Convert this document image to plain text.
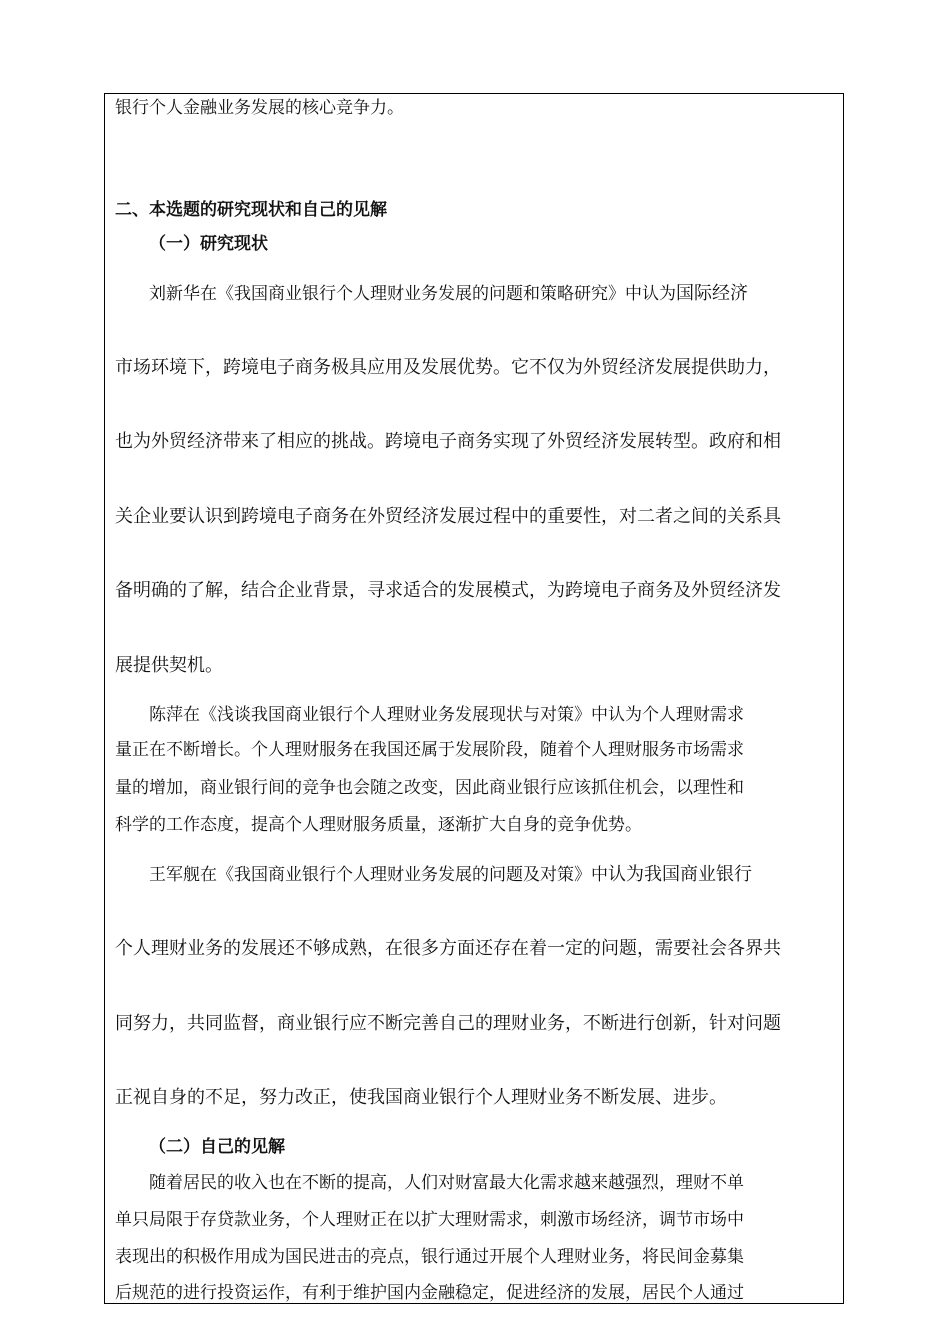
银行个人金融业务发展的核心竞争力。
二、本选题的研究现状和自己的见解
（一）研究现状
刘新华在《我国商业银行个人理财业务发展的问题和策略研究》中认为国际经济
市场环境下，跨境电子商务极具应用及发展优势。它不仅为外贸经济发展提供助力，
也为外贸经济带来了相应的挑战。跨境电子商务实现了外贸经济发展转型。政府和相
关企业要认识到跨境电子商务在外贸经济发展过程中的重要性，对二者之间的关系具
备明确的了解，结合企业背景，寻求适合的发展模式，为跨境电子商务及外贸经济发
展提供契机。
陈萍在《浅谈我国商业银行个人理财业务发展现状与对策》中认为个人理财需求
量正在不断增长。个人理财服务在我国还属于发展阶段，随着个人理财服务市场需求
量的增加，商业银行间的竞争也会随之改变，因此商业银行应该抓住机会，以理性和
科学的工作态度，提高个人理财服务质量，逐渐扩大自身的竞争优势。
王军舰在《我国商业银行个人理财业务发展的问题及对策》中认为我国商业银行
个人理财业务的发展还不够成熟，在很多方面还存在着一定的问题，需要社会各界共
同努力，共同监督，商业银行应不断完善自己的理财业务，不断进行创新，针对问题
正视自身的不足，努力改正，使我国商业银行个人理财业务不断发展、进步。
（二）自己的见解
随着居民的收入也在不断的提高，人们对财富最大化需求越来越强烈，理财不单
单只局限于存贷款业务，个人理财正在以扩大理财需求，刺激市场经济，调节市场中
表现出的积极作用成为国民进击的亮点，银行通过开展个人理财业务，将民间金募集
后规范的进行投资运作，有利于维护国内金融稳定，促进经济的发展，居民个人通过
